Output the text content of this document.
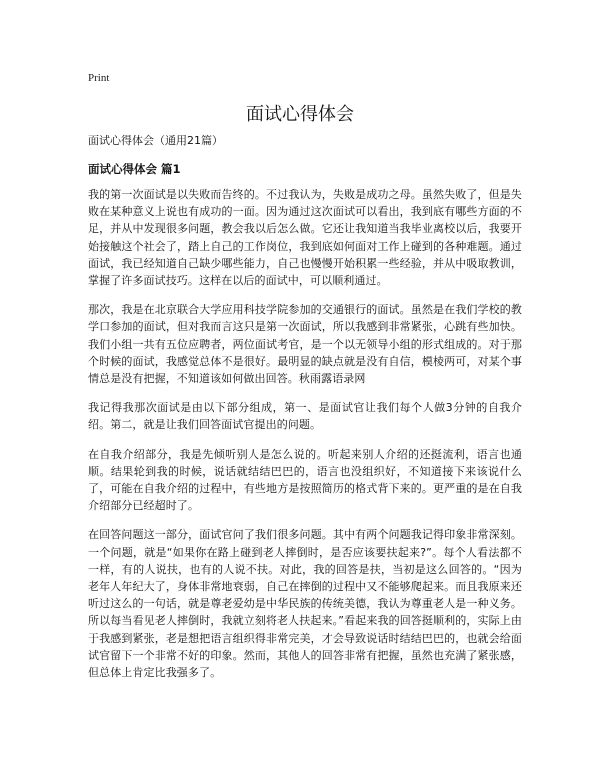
Print
面试心得体会

面试心得体会（通用21篇）

面试心得体会 篇1

我的第一次面试是以失败而告终的。不过我认为，失败是成功之母。虽然失败了，但是失败在某种意义上说也有成功的一面。因为通过这次面试可以看出，我到底有哪些方面的不足，并从中发现很多问题，教会我以后怎么做。它还让我知道当我毕业离校以后，我要开始接触这个社会了，踏上自己的工作岗位，我到底如何面对工作上碰到的各种难题。通过面试，我已经知道自己缺少哪些能力，自己也慢慢开始积累一些经验，并从中吸取教训，掌握了许多面试技巧。这样在以后的面试中，可以顺利通过。

那次，我是在北京联合大学应用科技学院参加的交通银行的面试。虽然是在我们学校的教学口参加的面试，但对我而言这只是第一次面试，所以我感到非常紧张，心跳有些加快。我们小组一共有五位应聘者，两位面试考官，是一个以无领导小组的形式组成的。对于那个时候的面试，我感觉总体不是很好。最明显的缺点就是没有自信，模棱两可，对某个事情总是没有把握，不知道该如何做出回答。秋雨露语录网

我记得我那次面试是由以下部分组成，第一、是面试官让我们每个人做3分钟的自我介绍。第二，就是让我们回答面试官提出的问题。

在自我介绍部分，我是先倾听别人是怎么说的。听起来别人介绍的还挺流利，语言也通顺。结果轮到我的时候，说话就结结巴巴的，语言也没组织好，不知道接下来该说什么了，可能在自我介绍的过程中，有些地方是按照简历的格式背下来的。更严重的是在自我介绍部分已经超时了。

在回答问题这一部分，面试官问了我们很多问题。其中有两个问题我记得印象非常深刻。一个问题，就是“如果你在路上碰到老人摔倒时，是否应该要扶起来?”。每个人看法都不一样，有的人说扶，也有的人说不扶。对此，我的回答是扶，当初是这么回答的。“因为老年人年纪大了，身体非常地衰弱，自己在摔倒的过程中又不能够爬起来。而且我原来还听过这么的一句话，就是尊老爱幼是中华民族的传统美德，我认为尊重老人是一种义务。所以每当看见老人摔倒时，我就立刻将老人扶起来。”看起来我的回答挺顺利的，实际上由于我感到紧张，老是想把语言组织得非常完美，才会导致说话时结结巴巴的，也就会给面试官留下一个非常不好的印象。然而，其他人的回答非常有把握，虽然也充满了紧张感，但总体上肯定比我强多了。
